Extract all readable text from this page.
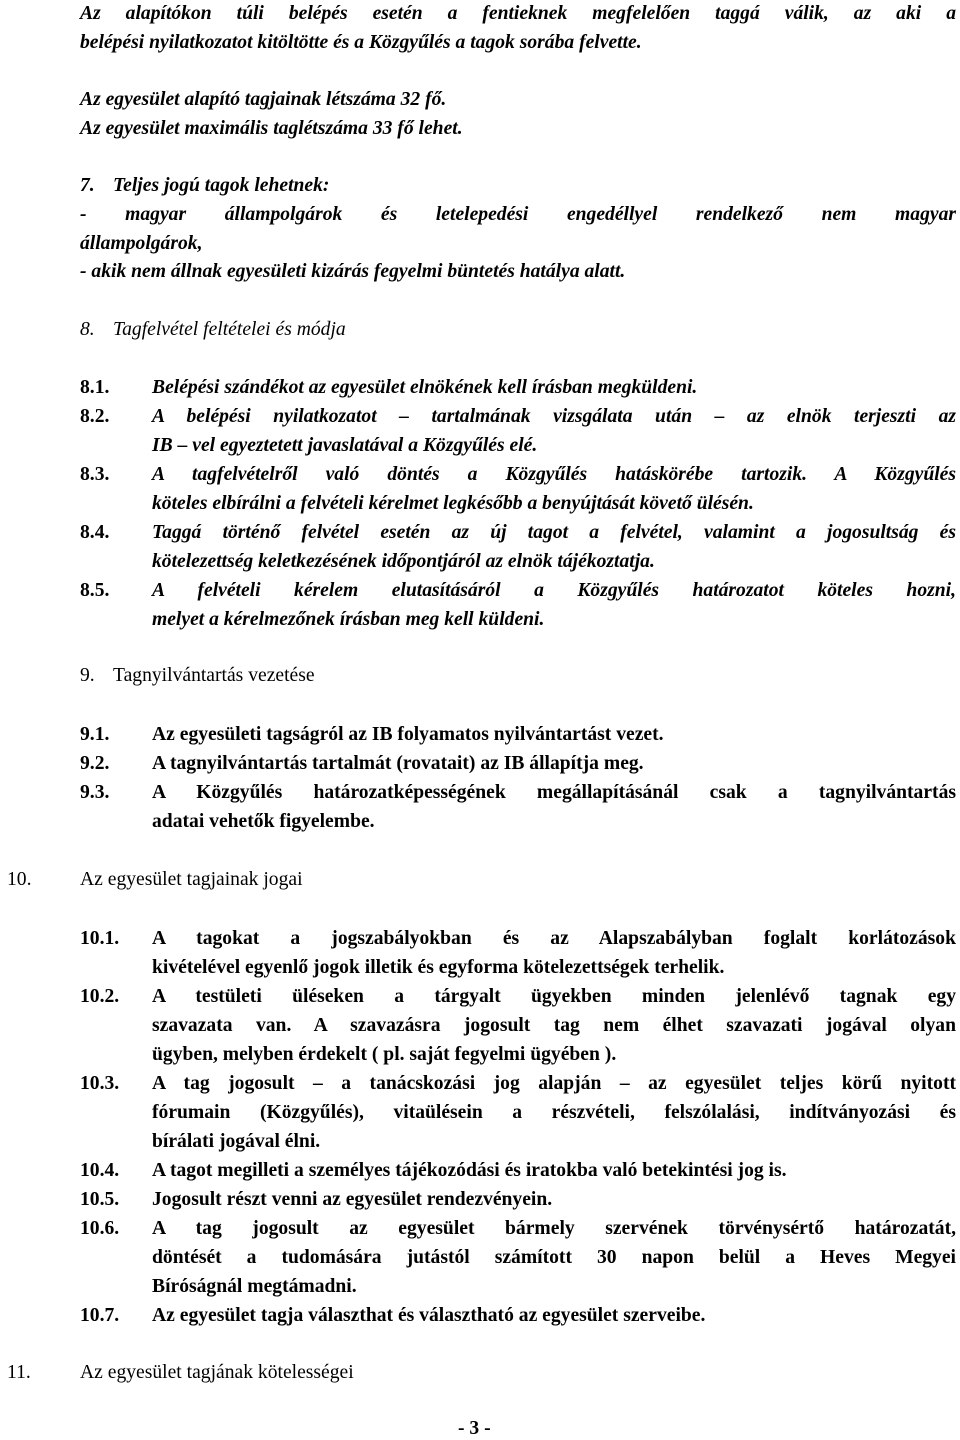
Az alapítókon túli belépés esetén a fentieknek megfelelően taggá válik, az aki a
belépési nyilatkozatot kitöltötte és a Közgyűlés a tagok sorába felvette.
Az egyesület alapító tagjainak létszáma 32 fő.
Az egyesület maximális taglétszáma 33 fő lehet.
7. Teljes jogú tagok lehetnek:
- magyar állampolgárok és letelepedési engedéllyel rendelkező nem magyar
állampolgárok,
- akik nem állnak egyesületi kizárás fegyelmi büntetés hatálya alatt.
8. Tagfelvétel feltételei és módja
8.1. Belépési szándékot az egyesület elnökének kell írásban megküldeni.
8.2. A belépési nyilatkozatot – tartalmának vizsgálata után – az elnök terjeszti az
IB – vel egyeztetett javaslatával a Közgyűlés elé.
8.3. A tagfelvételről való döntés a Közgyűlés hatáskörébe tartozik. A Közgyűlés
köteles elbírálni a felvételi kérelmet legkésőbb a benyújtását követő ülésén.
8.4. Taggá történő felvétel esetén az új tagot a felvétel, valamint a jogosultság és
kötelezettség keletkezésének időpontjáról az elnök tájékoztatja.
8.5. A felvételi kérelem elutasításáról a Közgyűlés határozatot köteles hozni,
melyet a kérelmezőnek írásban meg kell küldeni.
9. Tagnyilvántartás vezetése
9.1. Az egyesületi tagságról az IB folyamatos nyilvántartást vezet.
9.2. A tagnyilvántartás tartalmát (rovatait) az IB állapítja meg.
9.3. A Közgyűlés határozatképességének megállapításánál csak a tagnyilvántartás
adatai vehetők figyelembe.
10. Az egyesület tagjainak jogai
10.1. A tagokat a jogszabályokban és az Alapszabályban foglalt korlátozások
kivételével egyenlő jogok illetik és egyforma kötelezettségek terhelik.
10.2. A testületi üléseken a tárgyalt ügyekben minden jelenlévő tagnak egy
szavazata van. A szavazásra jogosult tag nem élhet szavazati jogával olyan
ügyben, melyben érdekelt ( pl. saját fegyelmi ügyében ).
10.3. A tag jogosult – a tanácskozási jog alapján – az egyesület teljes körű nyitott
fórumain (Közgyűlés), vitaülésein a részvételi, felszólalási, indítványozási és
bírálati jogával élni.
10.4. A tagot megilleti a személyes tájékozódási és iratokba való betekintési jog is.
10.5. Jogosult részt venni az egyesület rendezvényein.
10.6. A tag jogosult az egyesület bármely szervének törvénysértő határozatát,
döntését a tudomására jutástól számított 30 napon belül a Heves Megyei
Bíróságnál megtámadni.
10.7. Az egyesület tagja választhat és választható az egyesület szerveibe.
11.	Az egyesület tagjának kötelességei
- 3 -
